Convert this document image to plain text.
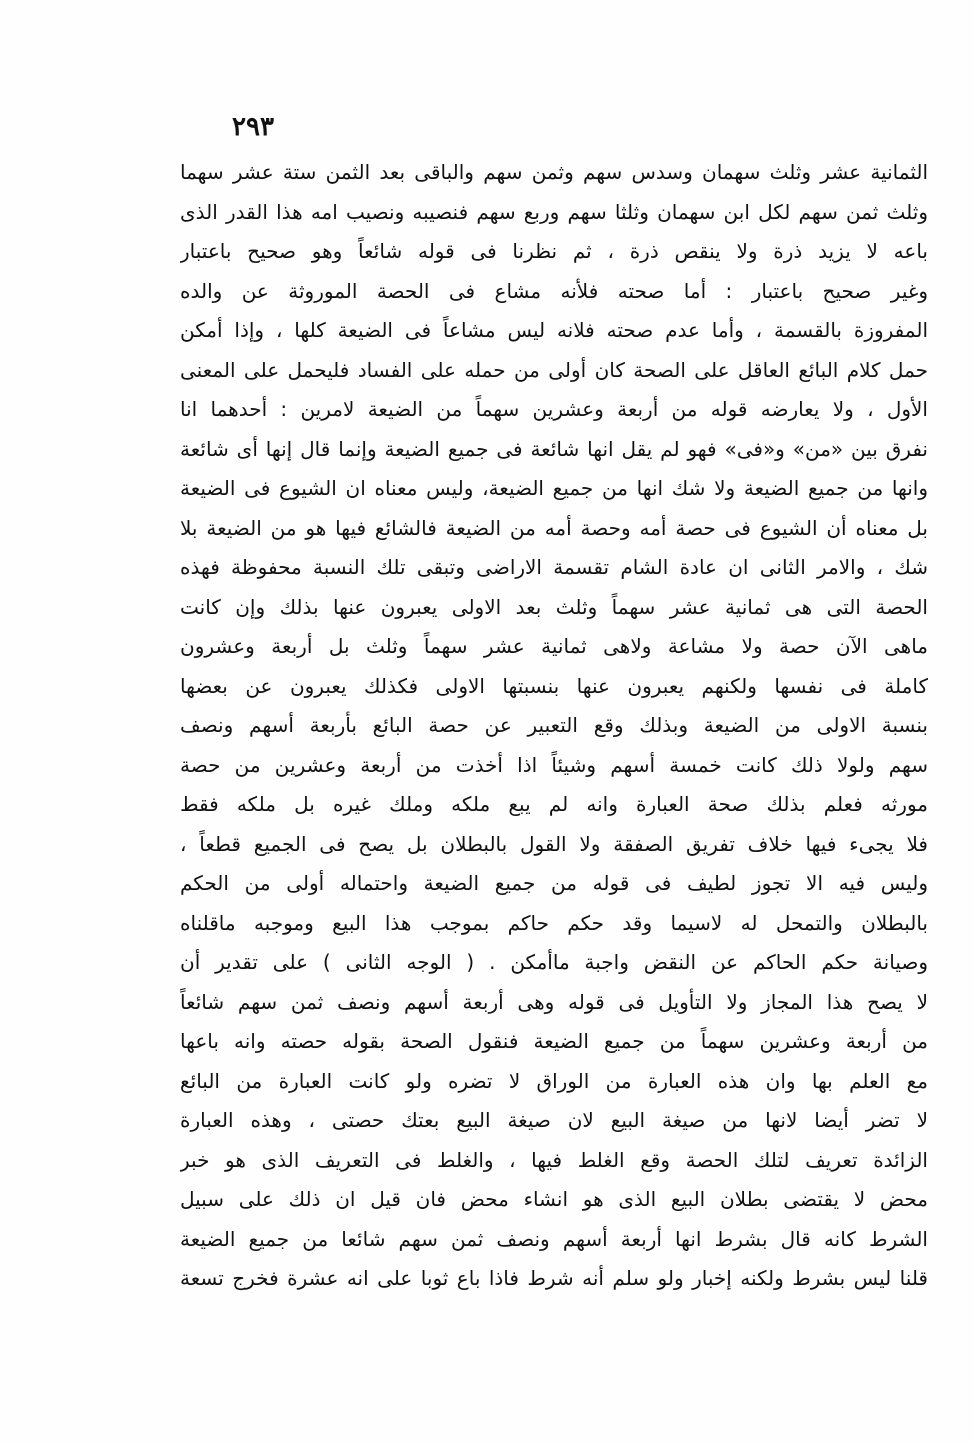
٢٩٣
الثمانية عشر وثلث سهمان وسدس سهم وثمن سهم والباقى بعد الثمن ستة عشر سهما
وثلث ثمن سهم لكل ابن سهمان وثلثا سهم وربع سهم فنصيبه ونصيب امه هذا القدر الذى
باعه لا يزيد ذرة ولا ينقص ذرة ، ثم نظرنا فى قوله شائعاً وهو صحيح باعتبار
وغير صحيح باعتبار : أما صحته فلأنه مشاع فى الحصة الموروثة عن والده
المفروزة بالقسمة ، وأما عدم صحته فلانه ليس مشاعاً فى الضيعة كلها ، وإذا أمكن
حمل كلام البائع العاقل على الصحة كان أولى من حمله على الفساد فليحمل على المعنى
الأول ، ولا يعارضه قوله من أربعة وعشرين سهماً من الضيعة لامرين : أحدهما انا
نفرق بين «من» و«فى» فهو لم يقل انها شائعة فى جميع الضيعة وإنما قال إنها أى شائعة
وانها من جميع الضيعة ولا شك انها من جميع الضيعة، وليس معناه ان الشيوع فى الضيعة
بل معناه أن الشيوع فى حصة أمه وحصة أمه من الضيعة فالشائع فيها هو من الضيعة بلا
شك ، والامر الثانى ان عادة الشام تقسمة الاراضى وتبقى تلك النسبة محفوظة فهذه
الحصة التى هى ثمانية عشر سهماً وثلث بعد الاولى يعبرون عنها بذلك وإن كانت
ماهى الآن حصة ولا مشاعة ولاهى ثمانية عشر سهماً وثلث بل أربعة وعشرون
كاملة فى نفسها ولكنهم يعبرون عنها بنسبتها الاولى فكذلك يعبرون عن بعضها
بنسبة الاولى من الضيعة وبذلك وقع التعبير عن حصة البائع بأربعة أسهم ونصف
سهم ولولا ذلك كانت خمسة أسهم وشيئاً اذا أخذت من أربعة وعشرين من حصة
مورثه فعلم بذلك صحة العبارة وانه لم يبع ملكه وملك غيره بل ملكه فقط
فلا يجىء فيها خلاف تفريق الصفقة ولا القول بالبطلان بل يصح فى الجميع قطعاً ،
وليس فيه الا تجوز لطيف فى قوله من جميع الضيعة واحتماله أولى من الحكم
بالبطلان والتمحل له لاسيما وقد حكم حاكم بموجب هذا البيع وموجبه ماقلناه
وصيانة حكم الحاكم عن النقض واجبة ماأمكن . ( الوجه الثانى ) على تقدير أن
لا يصح هذا المجاز ولا التأويل فى قوله وهى أربعة أسهم ونصف ثمن سهم شائعاً
من أربعة وعشرين سهماً من جميع الضيعة فنقول الصحة بقوله حصته وانه باعها
مع العلم بها وان هذه العبارة من الوراق لا تضره ولو كانت العبارة من البائع
لا تضر أيضا لانها من صيغة البيع لان صيغة البيع بعتك حصتى ، وهذه العبارة
الزائدة تعريف لتلك الحصة وقع الغلط فيها ، والغلط فى التعريف الذى هو خبر
محض لا يقتضى بطلان البيع الذى هو انشاء محض فان قيل ان ذلك على سبيل
الشرط كانه قال بشرط انها أربعة أسهم ونصف ثمن سهم شائعا من جميع الضيعة
قلنا ليس بشرط ولكنه إخبار ولو سلم أنه شرط فاذا باع ثوبا على انه عشرة فخرج تسعة
